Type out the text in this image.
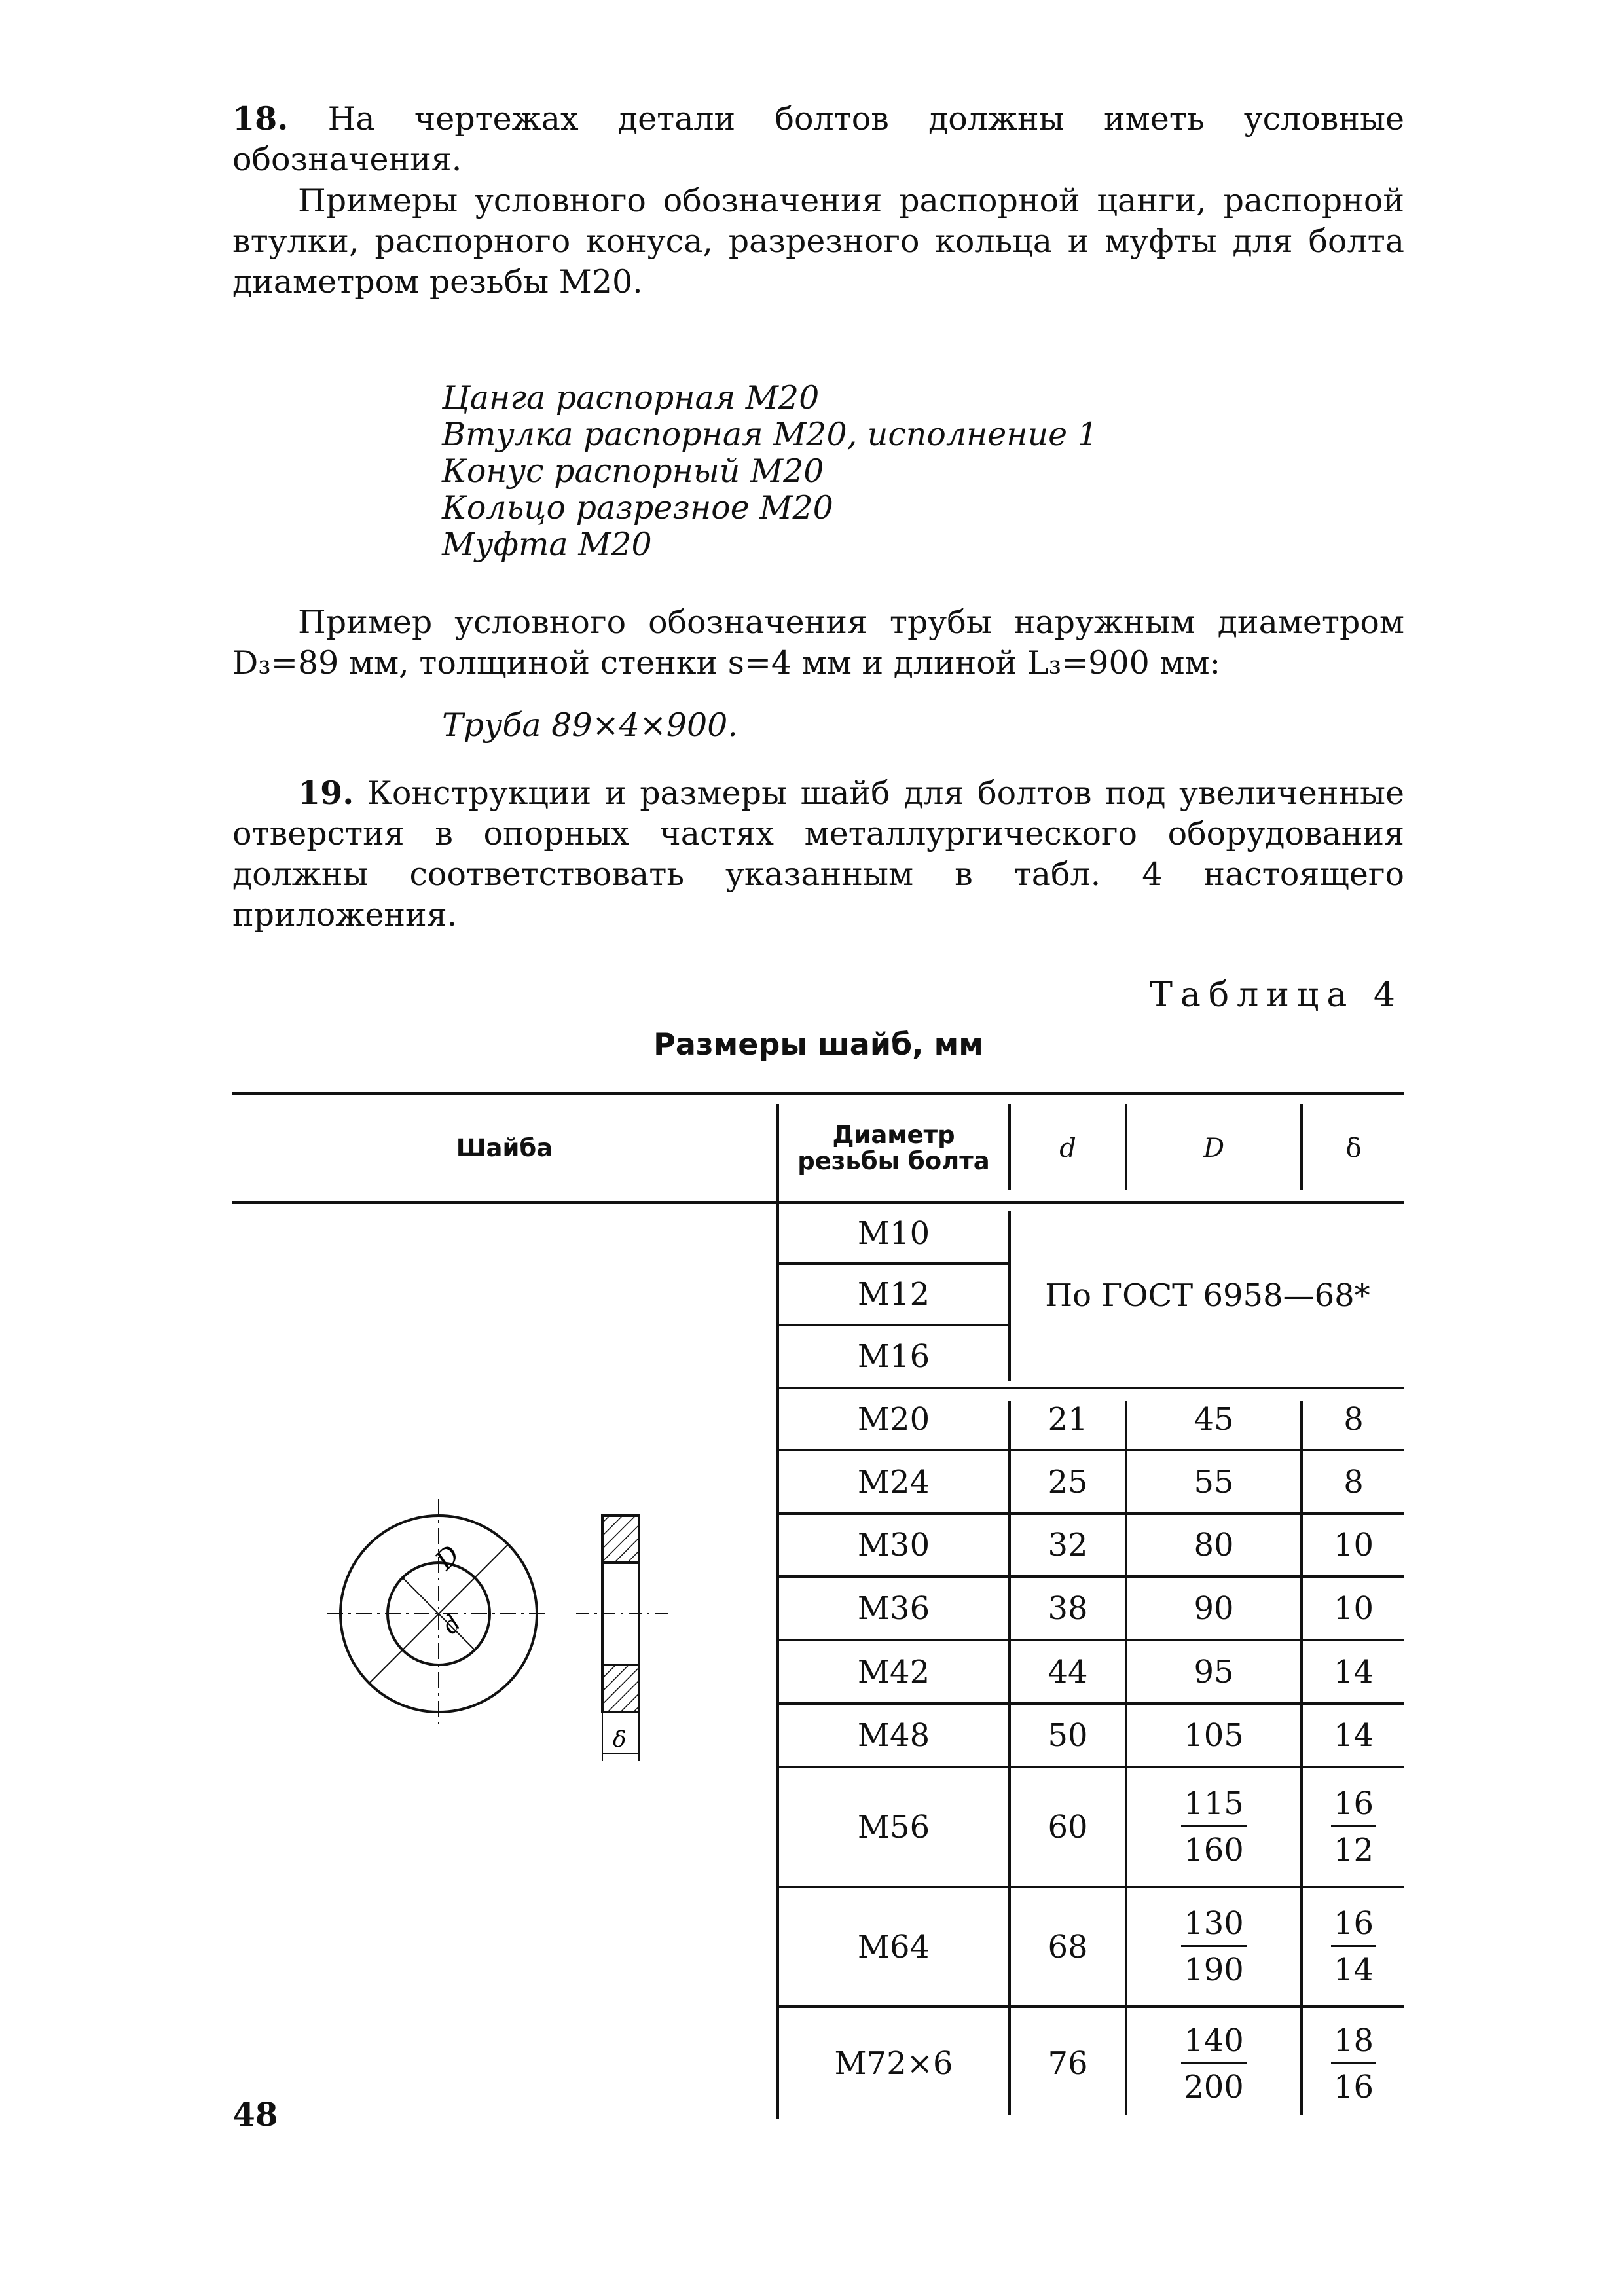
18. На чертежах детали болтов должны иметь условные обозначения.

Примеры условного обозначения распорной цанги, распорной втулки, распорного конуса, разрезного кольца и муфты для болта диаметром резьбы М20.

Цанга распорная М20

Втулка распорная М20, исполнение 1

Конус распорный М20

Кольцо разрезное М20

Муфта М20

Пример условного обозначения трубы наружным диаметром D₃=89 мм, толщиной стенки s=4 мм и длиной L₃=900 мм:

Труба 89×4×900.

19. Конструкции и размеры шайб для болтов под увеличенные отверстия в опорных частях металлургического оборудования должны соответствовать указанным в табл. 4 настоящего приложения.

Таблица 4
Размеры шайб, мм
Шайба	Диаметр резьбы болта	d	D	δ
М10
М12
М16
По ГОСТ 6958—68*
М20	21	45	8
М24	25	55	8
М30	32	80	10
М36	38	90	10
М42	44	95	14
М48	50	105	14
М56	60	$\frac{115}{160}$	$\frac{16}{12}$
М64	68	$\frac{130}{190}$	$\frac{16}{14}$
М72×6	76	$\frac{140}{200}$	$\frac{18}{16}$
D
d
δ
48
